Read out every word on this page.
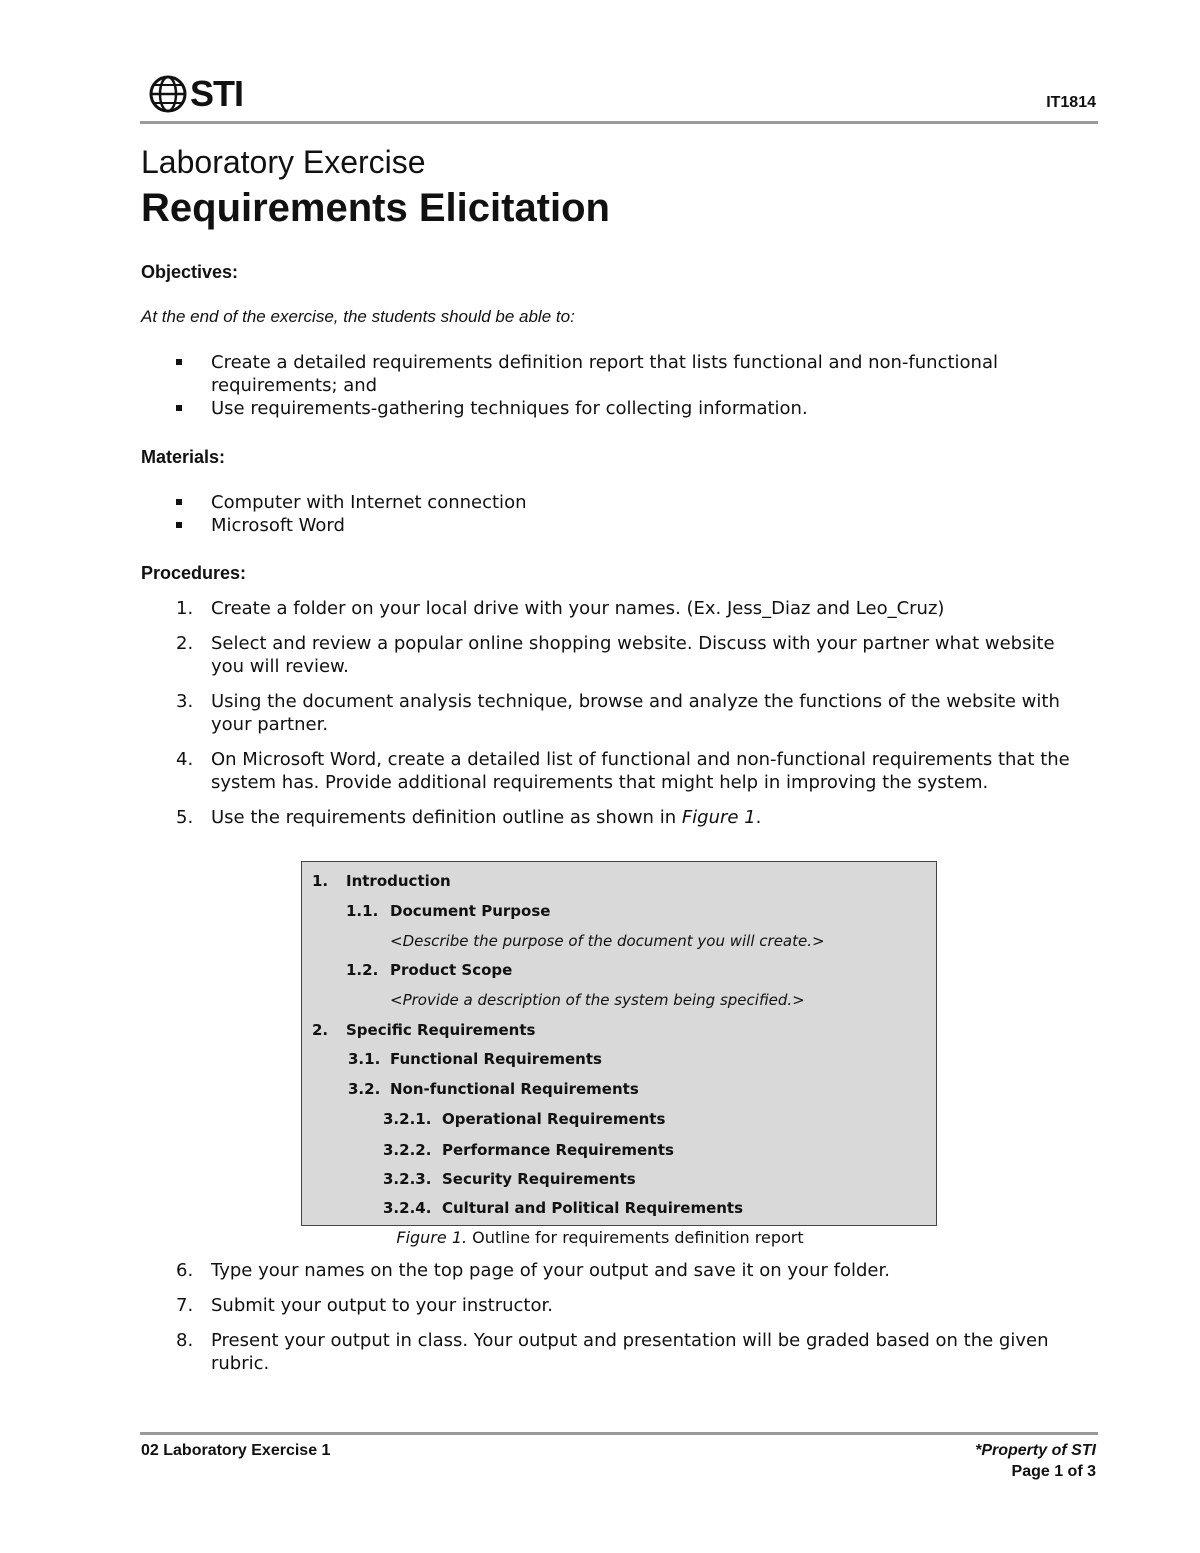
STI	IT1814
Laboratory Exercise
Requirements Elicitation
Objectives:
At the end of the exercise, the students should be able to:
Create a detailed requirements definition report that lists functional and non-functional requirements; and
Use requirements-gathering techniques for collecting information.
Materials:
Computer with Internet connection
Microsoft Word
Procedures:
1. Create a folder on your local drive with your names. (Ex. Jess_Diaz and Leo_Cruz)
2. Select and review a popular online shopping website. Discuss with your partner what website you will review.
3. Using the document analysis technique, browse and analyze the functions of the website with your partner.
4. On Microsoft Word, create a detailed list of functional and non-functional requirements that the system has. Provide additional requirements that might help in improving the system.
5. Use the requirements definition outline as shown in Figure 1.
1. Introduction
1.1. Document Purpose
<Describe the purpose of the document you will create.>
1.2. Product Scope
<Provide a description of the system being specified.>
2. Specific Requirements
3.1. Functional Requirements
3.2. Non-functional Requirements
3.2.1. Operational Requirements
3.2.2. Performance Requirements
3.2.3. Security Requirements
3.2.4. Cultural and Political Requirements
Figure 1. Outline for requirements definition report
6. Type your names on the top page of your output and save it on your folder.
7. Submit your output to your instructor.
8. Present your output in class. Your output and presentation will be graded based on the given rubric.
02 Laboratory Exercise 1	*Property of STI
Page 1 of 3
